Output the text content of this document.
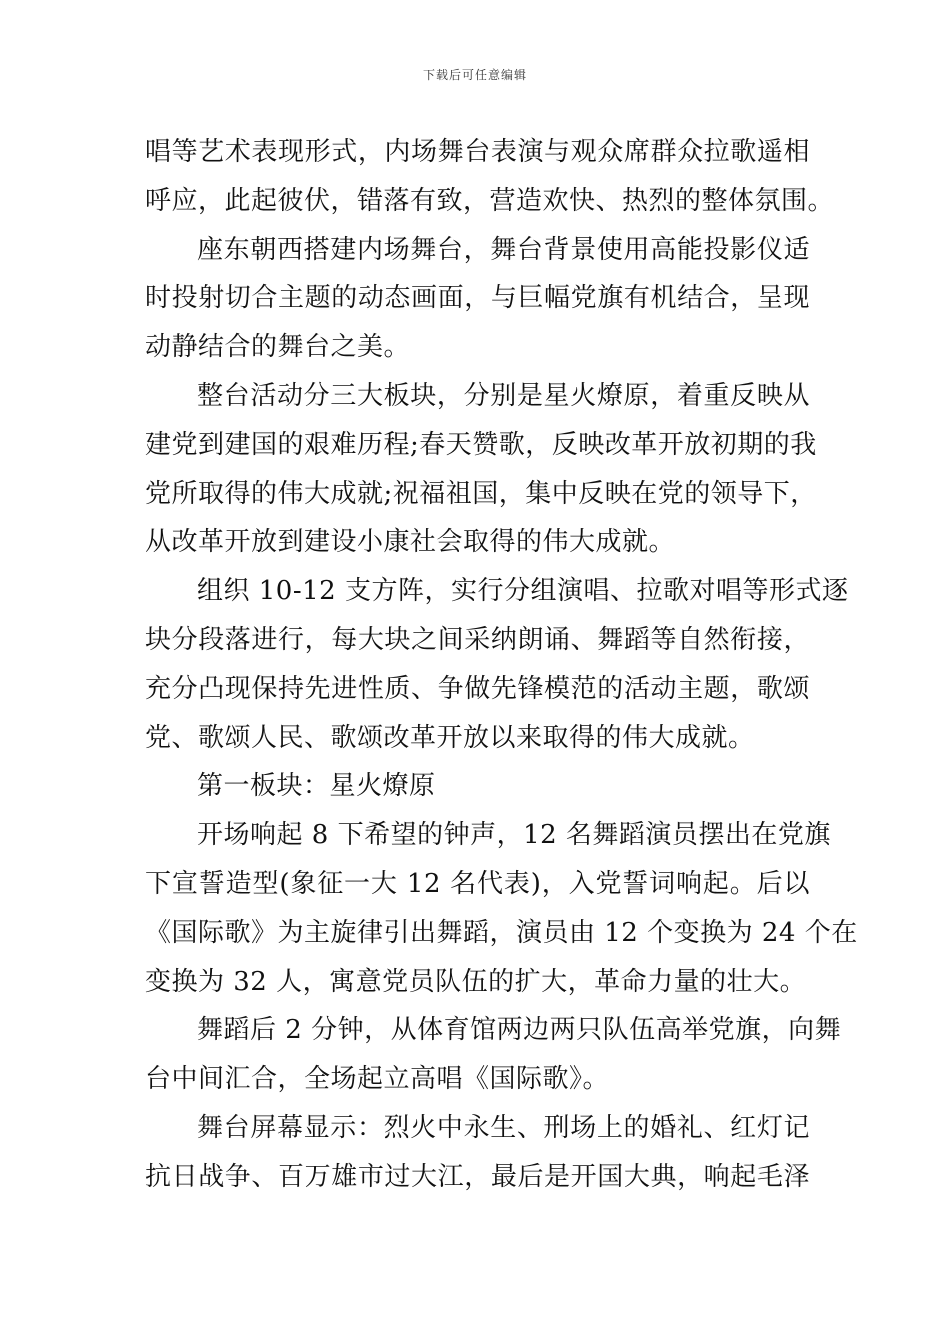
下载后可任意编辑
唱等艺术表现形式，内场舞台表演与观众席群众拉歌遥相
呼应，此起彼伏，错落有致，营造欢快、热烈的整体氛围。
座东朝西搭建内场舞台，舞台背景使用高能投影仪适
时投射切合主题的动态画面，与巨幅党旗有机结合，呈现
动静结合的舞台之美。
整台活动分三大板块，分别是星火燎原，着重反映从
建党到建国的艰难历程;春天赞歌，反映改革开放初期的我
党所取得的伟大成就;祝福祖国，集中反映在党的领导下，
从改革开放到建设小康社会取得的伟大成就。
组织 10-12 支方阵，实行分组演唱、拉歌对唱等形式逐
块分段落进行，每大块之间采纳朗诵、舞蹈等自然衔接，
充分凸现保持先进性质、争做先锋模范的活动主题，歌颂
党、歌颂人民、歌颂改革开放以来取得的伟大成就。
第一板块：星火燎原
开场响起 8 下希望的钟声，12 名舞蹈演员摆出在党旗
下宣誓造型(象征一大 12 名代表)，入党誓词响起。后以
《国际歌》为主旋律引出舞蹈，演员由 12 个变换为 24 个在
变换为 32 人，寓意党员队伍的扩大，革命力量的壮大。
舞蹈后 2 分钟，从体育馆两边两只队伍高举党旗，向舞
台中间汇合，全场起立高唱《国际歌》。
舞台屏幕显示：烈火中永生、刑场上的婚礼、红灯记
抗日战争、百万雄市过大江，最后是开国大典，响起毛泽
